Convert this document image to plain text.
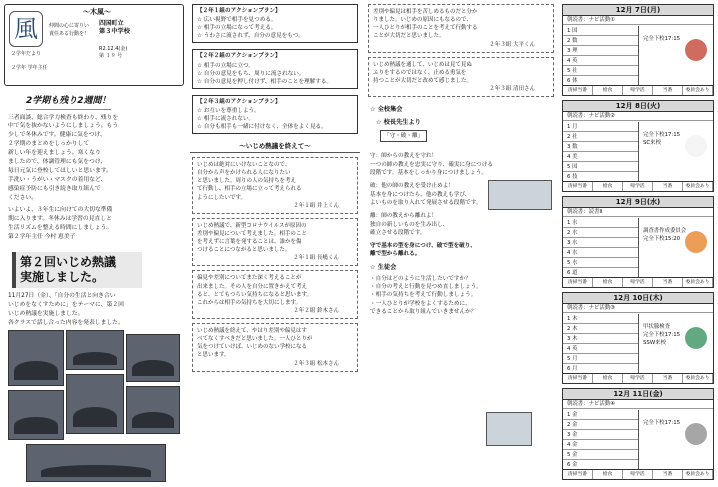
風
２学年だより
～木風～
仲間の心に寄りい 責任ある行動を！
四国町立
第３中学校
R2.12.4(金)
第 １９ 号
２学年 学年主任
2学期も残り2週間！
三者面談、総合学力検査も終わり、残りを
中で気を抜かないようにしましょう。もう
少しで冬休みです。健康に気をつけ、
２学期のまとめをしっかりして
新しい年を迎えましょう。寒くなり
ましたので、体調管理にも気をつけ、
毎日元気に登校してほしいと思います。
手洗い・うがい・マスクの着用など、
感染症予防にも引き続き取り組んで
ください。
いよいよ、３年生に向けての大切な準備
期に入ります。冬休みは学習の見直しと
生活リズムを整える時間にしましょう。
第２学年主任 今村 恵美子
第２回いじめ熱議
実施しました。
11月27日（金）、「自分の生活と向き合い
いじめをなくすために」をテーマに、第２回
いじめ熱議を実施しました。
各クラスで話し合った内容を発表しました。
【２年１組のアクションプラン】
☆ 広い視野で相手を見つめる。
☆ 相手の立場になって考える。
☆ うわさに流されず、自分の意見をもつ。
【２年２組のアクションプラン】
☆ 相手の立場に立つ。
☆ 自分の意見をもち、周りに流されない。
☆ 自分の意見を押し付けず、相手のことを理解する。
【２年３組のアクションプラン】
☆ お互いを尊重しよう。
☆ 相手に流されない。
☆ 自分も相手も一緒に付けなく、全体をよく見る。
～いじめ熱議を終えて～
いじめは絶対にいけないことなので、
自分から声をかけられる人になりたい
と思いました。周りの人の気持ちを考え
て行動し、相手の立場に立って考えられる
ようにしたいです。
２年１組 井上くん
いじめ熱議で、新型コロナウイルスが原因の
差別や偏見について考えました。相手のこと
を考えずに言葉を発することは、誰かを傷
つけることにつながると思いました。
２年１組 長嶋くん
偏見や差別についてまた深く考えることが
出来ました。その人を自分に置きかえて考え
ると、とてもつらい気持ちになると思います。
これからは相手の気持ちを大切にします。
２年２組 鈴木さん
いじめ熱議を終えて、やはり差別や偏見はす
べてなくすべきだと思いました。一人ひとりが
気をつけていけば、いじめのない学校になる
と思います。
２年３組 松本さん
差別や偏見は相手を苦しめるものだと分か
りました。いじめの原因にもなるので、
一人ひとりが相手のことを考えて行動する
ことが大切だと思いました。
２年３組 大平くん
いじめ熱議を通して、いじめは見て見ぬ
ふりをするのではなく、止める勇気を
持つことが大切だと改めて感じました。
２年３組 清田さん
☆ 全校集会
☆ 校長先生より
「守・破・離」
守：師からの教えを守れ！
一つの師の教えを忠実に守り、確実に身につける
段階です。基本をしっかり身につけましょう。
破：他の師の教えを受け止めよ！
基本を身につけたら、他の教えも学び、
よいものを取り入れて発展させる段階です。
離：師の教えから離れよ！
独自の新しいものを生み出し、
確立させる段階です。
守で基本の型を身につけ、破で型を破り、
離で型から離れる。
☆ 生徒会
・自分はどのように生活したいですか？
・自分の考えと行動を見つめ直しましょう。
・相手の気持ちを考えて行動しましょう。
・一人ひとりが学校をよくするために、
できることから取り組んでいきませんか？
12月 7日(月)
朝読書：ナビ活動①
1 国
2 数
3 理
4 英
5 社
6 体
完全下校17:15
清掃当番	給食	帰学活	当番	委員会あり
12月 8日(火)
朝読書：ナビ活動②
1 月
2 社
3 数
4 美
5 国
6 技
完全下校17:15
SC来校
清掃当番	給食	帰学活	当番	委員会あり
12月 9日(水)
朝読書：読書Ⅱ
1 水
2 水
3 水
4 水
5 水
6 道
調査書作成委員会
完全下校15:20
清掃当番	給食	帰学活	当番	委員会あり
12月 10日(木)
朝読書：ナビ活動③
1 木
2 木
3 木
4 英
5 月
6 月
甲状腺検査
完全下校17:15
SSW来校
清掃当番	給食	帰学活	当番	委員会あり
12月 11日(金)
朝読書：ナビ活動④
1 金
2 金
3 金
4 金
5 金
6 金
完全下校17:15
清掃当番	給食	帰学活	当番	委員会あり
